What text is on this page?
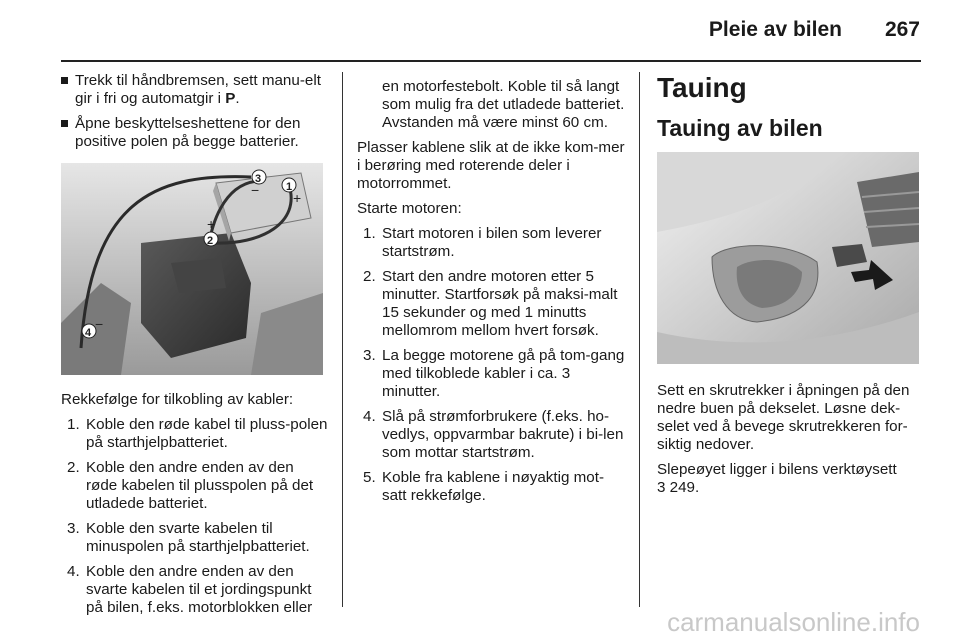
Pleie av bilen 267
Trekk til håndbremsen, sett manu-elt gir i fri og automatgir i P.
Åpne beskyttelseshettene for den positive polen på begge batterier.
3
− 1
+
2
+
4
−

Rekkefølge for tilkobling av kabler:

1. Koble den røde kabel til pluss-polen på starthjelpbatteriet.
2. Koble den andre enden av den røde kabelen til plusspolen på det utladede batteriet.
3. Koble den svarte kabelen til minuspolen på starthjelpbatteriet.
4. Koble den andre enden av den svarte kabelen til et jordingspunkt på bilen, f.eks. motorblokken eller
en motorfestebolt. Koble til så langt som mulig fra det utladede batteriet. Avstanden må være minst 60 cm.

Plasser kablene slik at de ikke kom-mer i berøring med roterende deler i motorrommet.

Starte motoren:

1. Start motoren i bilen som leverer startstrøm.
2. Start den andre motoren etter 5 minutter. Startforsøk på maksi-malt 15 sekunder og med 1 minutts mellomrom mellom hvert forsøk.
3. La begge motorene gå på tom-gang med tilkoblede kabler i ca. 3 minutter.
4. Slå på strømforbrukere (f.eks. ho-vedlys, oppvarmbar bakrute) i bi-len som mottar startstrøm.
5. Koble fra kablene i nøyaktig mot-satt rekkefølge.
Tauing
Tauing av bilen

Sett en skrutrekker i åpningen på den nedre buen på dekselet. Løsne dek-selet ved å bevege skrutrekkeren for-siktig nedover.

Slepeøyet ligger i bilens verktøysett
3 249.

carmanualsonline.info
